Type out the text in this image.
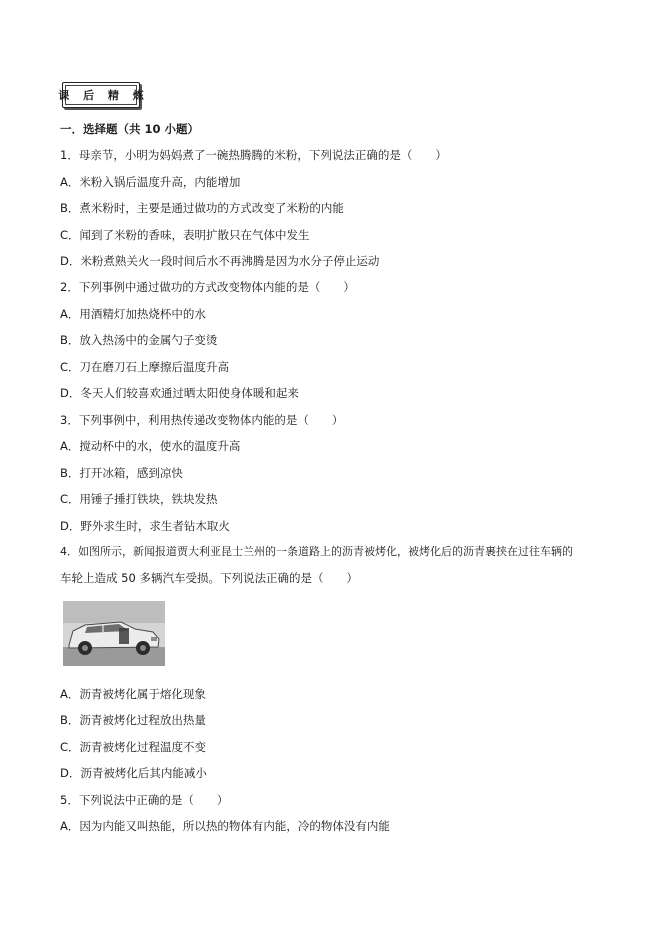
课 后 精 炼
一．选择题（共 10 小题）
1．母亲节，小明为妈妈煮了一碗热腾腾的米粉，下列说法正确的是（　　）
A．米粉入锅后温度升高，内能增加
B．煮米粉时，主要是通过做功的方式改变了米粉的内能
C．闻到了米粉的香味，表明扩散只在气体中发生
D．米粉煮熟关火一段时间后水不再沸腾是因为水分子停止运动
2．下列事例中通过做功的方式改变物体内能的是（　　）
A．用酒精灯加热烧杯中的水
B．放入热汤中的金属勺子变烫
C．刀在磨刀石上摩擦后温度升高
D．冬天人们较喜欢通过晒太阳使身体暖和起来
3．下列事例中，利用热传递改变物体内能的是（　　）
A．搅动杯中的水，使水的温度升高
B．打开冰箱，感到凉快
C．用锤子捶打铁块，铁块发热
D．野外求生时，求生者钻木取火
4．如图所示，新闻报道贾大利亚昆士兰州的一条道路上的沥青被烤化，被烤化后的沥青裹挟在过往车辆的
车轮上造成 50 多辆汽车受损。下列说法正确的是（　　）
A．沥青被烤化属于熔化现象
B．沥青被烤化过程放出热量
C．沥青被烤化过程温度不变
D．沥青被烤化后其内能减小
5．下列说法中正确的是（　　）
A．因为内能又叫热能，所以热的物体有内能，冷的物体没有内能
